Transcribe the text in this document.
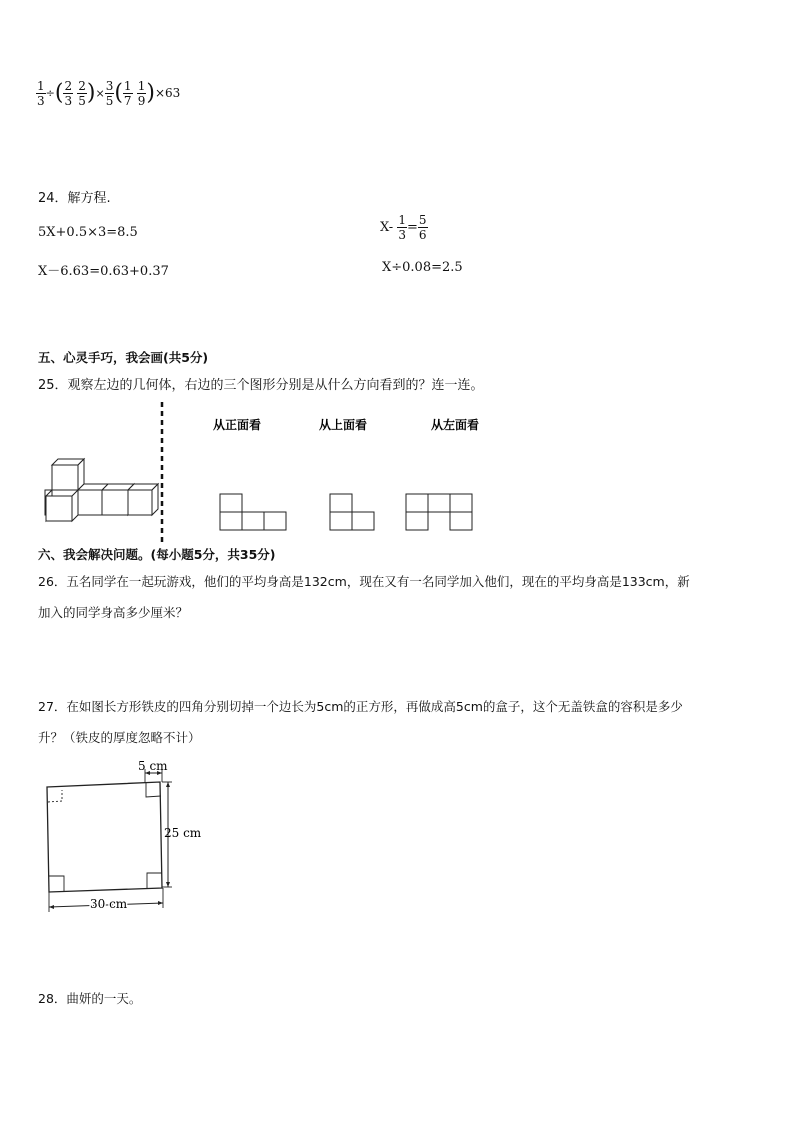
$\frac{1}{3}$ ÷( $\frac{2}{3}$
$\frac{2}{5}$ )× $\frac{3}{5}$ ( $\frac{1}{7}$
$\frac{1}{9} )\times 63$
24．解方程.
5X+0.5×3=8.5	$X- \frac{1}{3} = \frac{5}{6}$
X－6.63=0.63+0.37	X÷0.08=2.5
五、心灵手巧，我会画(共5分)
25．观察左边的几何体，右边的三个图形分别是从什么方向看到的？连一连。
从正面看	从上面看	从左面看
六、我会解决问题。(每小题5分，共35分)
26．五名同学在一起玩游戏，他们的平均身高是132cm，现在又有一名同学加入他们，现在的平均身高是133cm，新
加入的同学身高多少厘米？
27．在如图长方形铁皮的四角分别切掉一个边长为5cm的正方形，再做成高5cm的盒子，这个无盖铁盒的容积是多少
升？（铁皮的厚度忽略不计）
5 cm
25 cm
30 cm
28．曲妍的一天。
